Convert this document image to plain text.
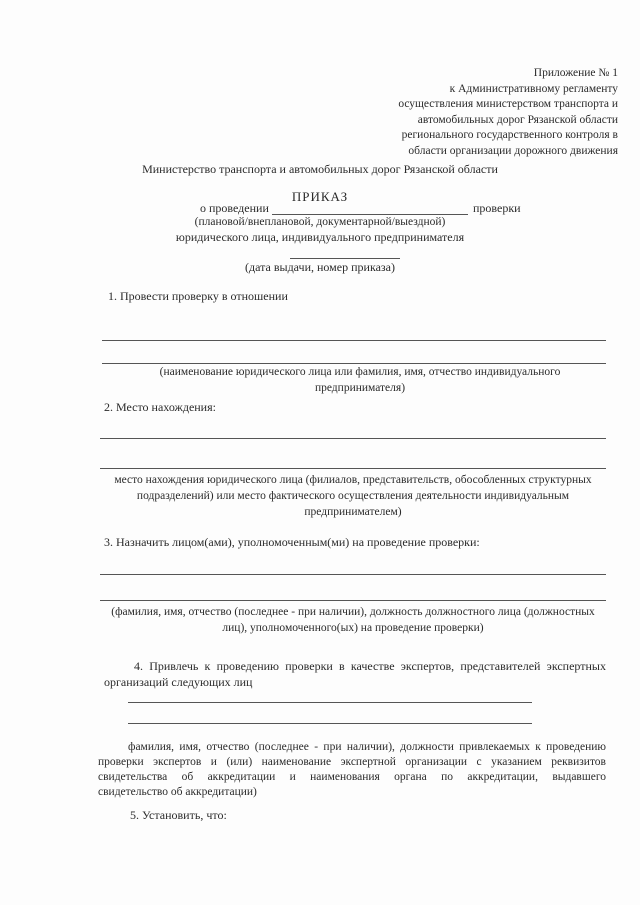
Приложение № 1
к Административному регламенту
осуществления министерством транспорта и
автомобильных дорог Рязанской области
регионального государственного контроля в
области организации дорожного движения
Министерство транспорта и автомобильных дорог Рязанской области
ПРИКАЗ
о проведении	проверки
(плановой/внеплановой, документарной/выездной)
юридического лица, индивидуального предпринимателя
(дата выдачи, номер приказа)
1. Провести проверку в отношении
(наименование юридического лица или фамилия, имя, отчество индивидуального
предпринимателя)
2. Место нахождения:
место нахождения юридического лица (филиалов, представительств, обособленных структурных
подразделений) или место фактического осуществления деятельности индивидуальным
предпринимателем)
3. Назначить лицом(ами), уполномоченным(ми) на проведение проверки:
(фамилия, имя, отчество (последнее - при наличии), должность должностного лица (должностных
лиц), уполномоченного(ых) на проведение проверки)
4. Привлечь к проведению проверки в качестве экспертов, представителей экспертных
организаций следующих лиц
фамилия, имя, отчество (последнее - при наличии), должности привлекаемых к проведению
проверки экспертов и (или) наименование экспертной организации с указанием реквизитов
свидетельства об аккредитации и наименования органа по аккредитации, выдавшего
свидетельство об аккредитации)
5. Установить, что:
